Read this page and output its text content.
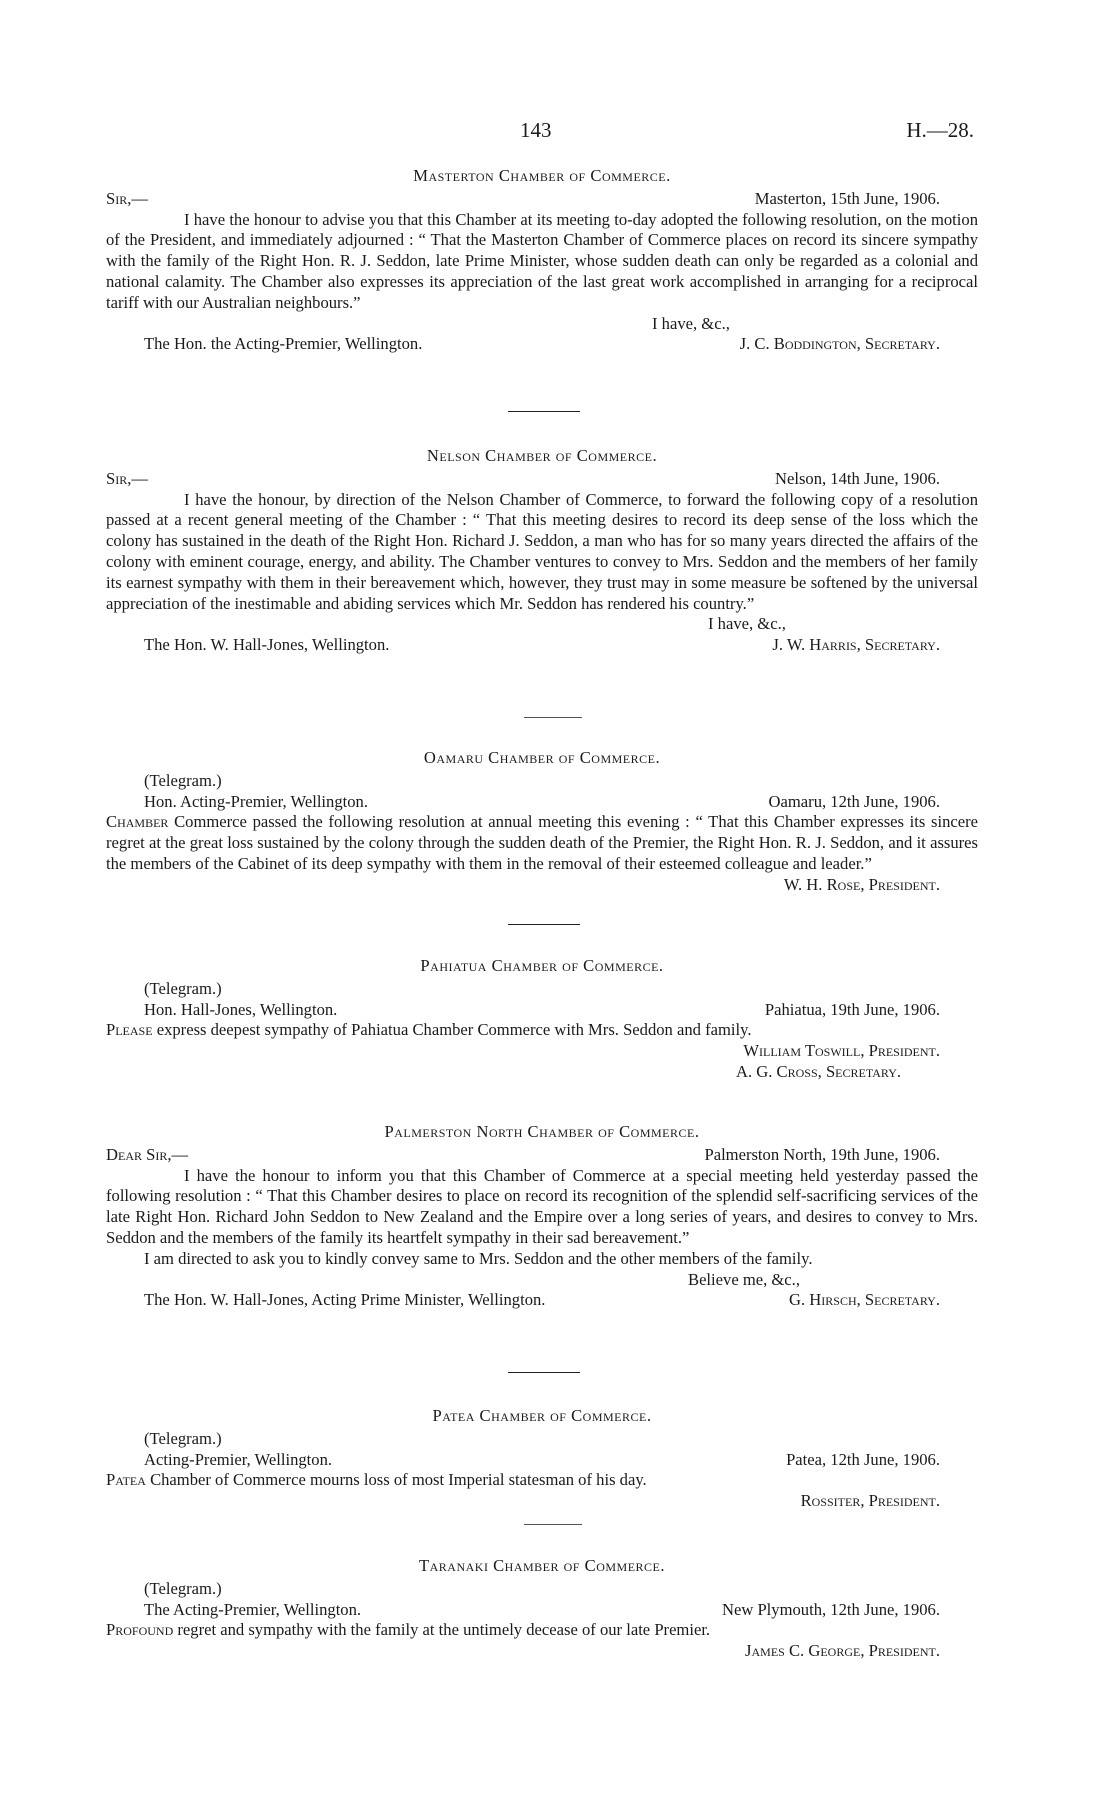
143	H.—28.
Masterton Chamber of Commerce.
Sir,—	Masterton, 15th June, 1906.
I have the honour to advise you that this Chamber at its meeting to-day adopted the following resolution, on the motion of the President, and immediately adjourned : “ That the Masterton Chamber of Commerce places on record its sincere sympathy with the family of the Right Hon. R. J. Seddon, late Prime Minister, whose sudden death can only be regarded as a colonial and national calamity. The Chamber also expresses its appreciation of the last great work accomplished in arranging for a reciprocal tariff with our Australian neighbours.”
I have, &c.,
The Hon. the Acting-Premier, Wellington.	J. C. Boddington, Secretary.
Nelson Chamber of Commerce.
Sir,—	Nelson, 14th June, 1906.
I have the honour, by direction of the Nelson Chamber of Commerce, to forward the following copy of a resolution passed at a recent general meeting of the Chamber : “ That this meeting desires to record its deep sense of the loss which the colony has sustained in the death of the Right Hon. Richard J. Seddon, a man who has for so many years directed the affairs of the colony with eminent courage, energy, and ability. The Chamber ventures to convey to Mrs. Seddon and the members of her family its earnest sympathy with them in their bereavement which, however, they trust may in some measure be softened by the universal appreciation of the inestimable and abiding services which Mr. Seddon has rendered his country.”
I have, &c.,
The Hon. W. Hall-Jones, Wellington.	J. W. Harris, Secretary.
Oamaru Chamber of Commerce.
(Telegram.)
Hon. Acting-Premier, Wellington.	Oamaru, 12th June, 1906.
Chamber Commerce passed the following resolution at annual meeting this evening : “ That this Chamber expresses its sincere regret at the great loss sustained by the colony through the sudden death of the Premier, the Right Hon. R. J. Seddon, and it assures the members of the Cabinet of its deep sympathy with them in the removal of their esteemed colleague and leader.”
W. H. Rose, President.
Pahiatua Chamber of Commerce.
(Telegram.)
Hon. Hall-Jones, Wellington.	Pahiatua, 19th June, 1906.
Please express deepest sympathy of Pahiatua Chamber Commerce with Mrs. Seddon and family.
William Toswill, President.
A. G. Cross, Secretary.
Palmerston North Chamber of Commerce.
Dear Sir,—	Palmerston North, 19th June, 1906.
I have the honour to inform you that this Chamber of Commerce at a special meeting held yesterday passed the following resolution : “ That this Chamber desires to place on record its recognition of the splendid self-sacrificing services of the late Right Hon. Richard John Seddon to New Zealand and the Empire over a long series of years, and desires to convey to Mrs. Seddon and the members of the family its heartfelt sympathy in their sad bereavement.”
I am directed to ask you to kindly convey same to Mrs. Seddon and the other members of the family.
Believe me, &c.,
The Hon. W. Hall-Jones, Acting Prime Minister, Wellington.	G. Hirsch, Secretary.
Patea Chamber of Commerce.
(Telegram.)
Acting-Premier, Wellington.	Patea, 12th June, 1906.
Patea Chamber of Commerce mourns loss of most Imperial statesman of his day.
Rossiter, President.
Taranaki Chamber of Commerce.
(Telegram.)
The Acting-Premier, Wellington.	New Plymouth, 12th June, 1906.
Profound regret and sympathy with the family at the untimely decease of our late Premier.
James C. George, President.
